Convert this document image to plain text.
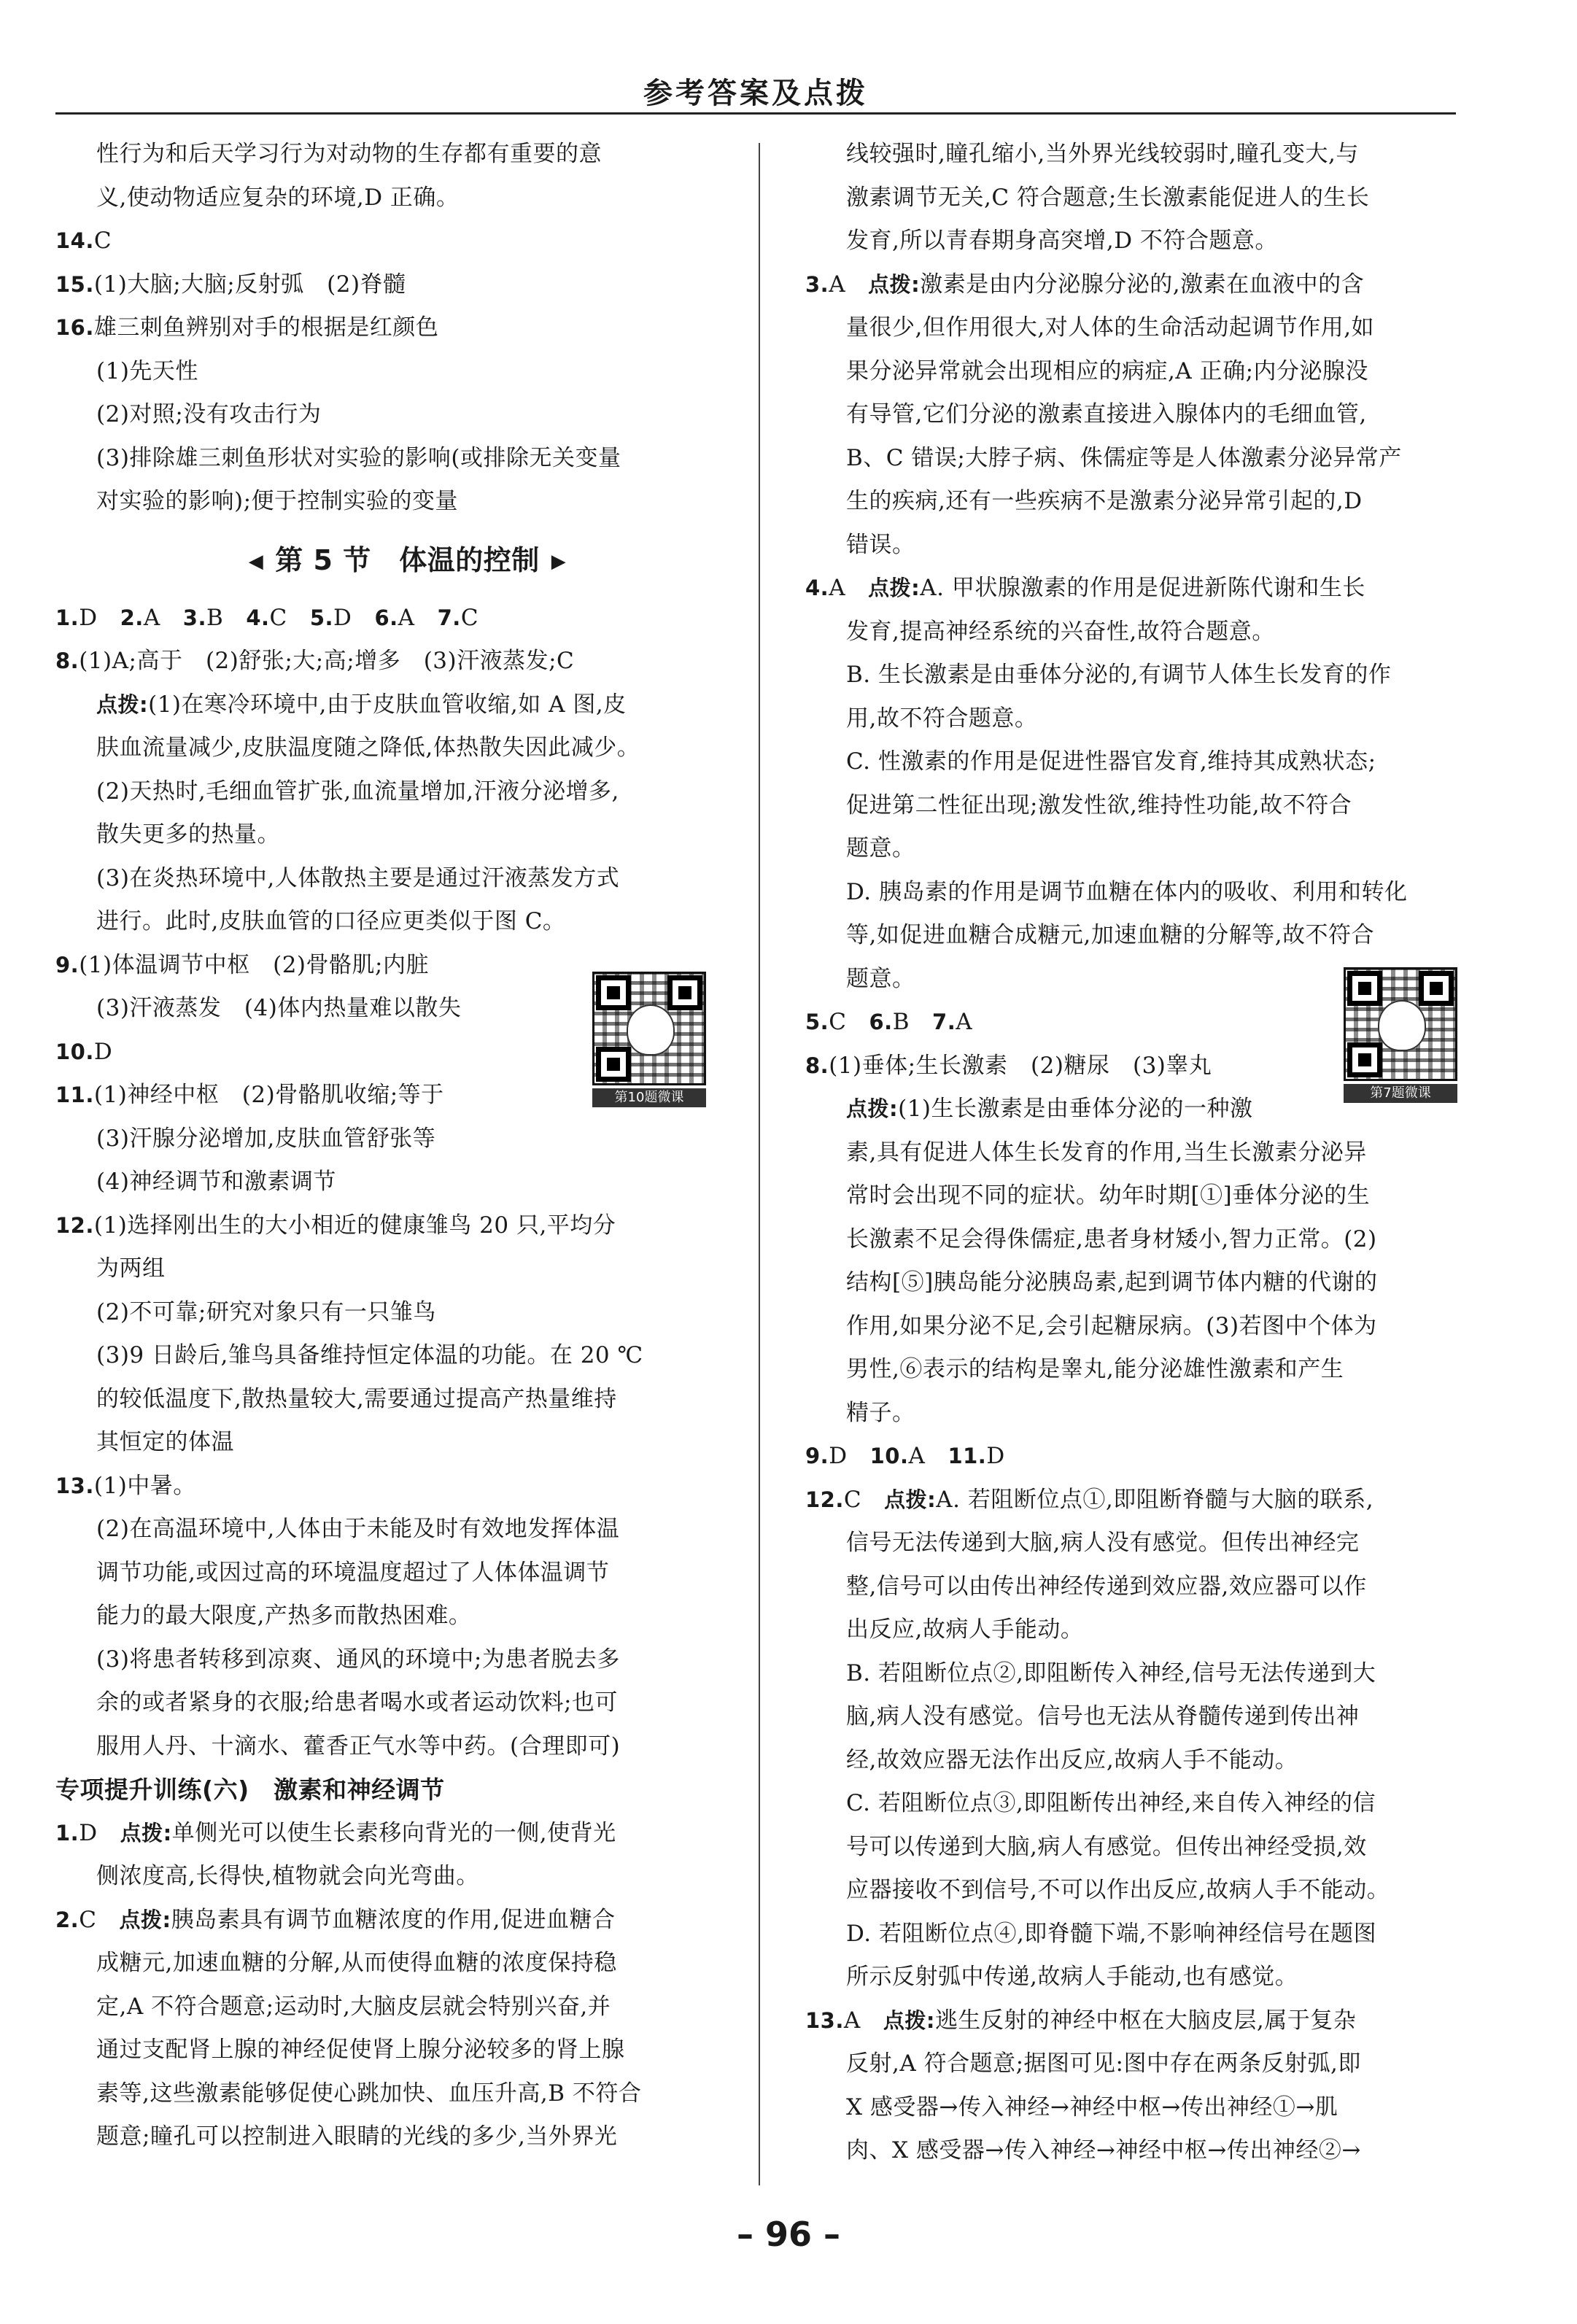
参考答案及点拨
性行为和后天学习行为对动物的生存都有重要的意
义,使动物适应复杂的环境,D 正确。
14.C
15.(1)大脑;大脑;反射弧　(2)脊髓
16.雄三刺鱼辨别对手的根据是红颜色
(1)先天性
(2)对照;没有攻击行为
(3)排除雄三刺鱼形状对实验的影响(或排除无关变量
对实验的影响);便于控制实验的变量
◀ 第 5 节　体温的控制 ▶
1.D 2.A 3.B 4.C 5.D 6.A 7.C
8.(1)A;高于　(2)舒张;大;高;增多　(3)汗液蒸发;C
点拨:(1)在寒冷环境中,由于皮肤血管收缩,如 A 图,皮
肤血流量减少,皮肤温度随之降低,体热散失因此减少。
(2)天热时,毛细血管扩张,血流量增加,汗液分泌增多,
散失更多的热量。
(3)在炎热环境中,人体散热主要是通过汗液蒸发方式
进行。此时,皮肤血管的口径应更类似于图 C。
9.(1)体温调节中枢　(2)骨骼肌;内脏
(3)汗液蒸发　(4)体内热量难以散失
10.D
11.(1)神经中枢　(2)骨骼肌收缩;等于
(3)汗腺分泌增加,皮肤血管舒张等
(4)神经调节和激素调节
12.(1)选择刚出生的大小相近的健康雏鸟 20 只,平均分
为两组
(2)不可靠;研究对象只有一只雏鸟
(3)9 日龄后,雏鸟具备维持恒定体温的功能。在 20 ℃
的较低温度下,散热量较大,需要通过提高产热量维持
其恒定的体温
13.(1)中暑。
(2)在高温环境中,人体由于未能及时有效地发挥体温
调节功能,或因过高的环境温度超过了人体体温调节
能力的最大限度,产热多而散热困难。
(3)将患者转移到凉爽、通风的环境中;为患者脱去多
余的或者紧身的衣服;给患者喝水或者运动饮料;也可
服用人丹、十滴水、藿香正气水等中药。(合理即可)
专项提升训练(六)　激素和神经调节
1.D 点拨:单侧光可以使生长素移向背光的一侧,使背光
侧浓度高,长得快,植物就会向光弯曲。
2.C 点拨:胰岛素具有调节血糖浓度的作用,促进血糖合
成糖元,加速血糖的分解,从而使得血糖的浓度保持稳
定,A 不符合题意;运动时,大脑皮层就会特别兴奋,并
通过支配肾上腺的神经促使肾上腺分泌较多的肾上腺
素等,这些激素能够促使心跳加快、血压升高,B 不符合
题意;瞳孔可以控制进入眼睛的光线的多少,当外界光
第10题微课
线较强时,瞳孔缩小,当外界光线较弱时,瞳孔变大,与
激素调节无关,C 符合题意;生长激素能促进人的生长
发育,所以青春期身高突增,D 不符合题意。
3.A 点拨:激素是由内分泌腺分泌的,激素在血液中的含
量很少,但作用很大,对人体的生命活动起调节作用,如
果分泌异常就会出现相应的病症,A 正确;内分泌腺没
有导管,它们分泌的激素直接进入腺体内的毛细血管,
B、C 错误;大脖子病、侏儒症等是人体激素分泌异常产
生的疾病,还有一些疾病不是激素分泌异常引起的,D
错误。
4.A 点拨:A. 甲状腺激素的作用是促进新陈代谢和生长
发育,提高神经系统的兴奋性,故符合题意。
B. 生长激素是由垂体分泌的,有调节人体生长发育的作
用,故不符合题意。
C. 性激素的作用是促进性器官发育,维持其成熟状态;
促进第二性征出现;激发性欲,维持性功能,故不符合
题意。
D. 胰岛素的作用是调节血糖在体内的吸收、利用和转化
等,如促进血糖合成糖元,加速血糖的分解等,故不符合
题意。
5.C 6.B 7.A
8.(1)垂体;生长激素　(2)糖尿　(3)睾丸
点拨:(1)生长激素是由垂体分泌的一种激
素,具有促进人体生长发育的作用,当生长激素分泌异
常时会出现不同的症状。幼年时期[①]垂体分泌的生
长激素不足会得侏儒症,患者身材矮小,智力正常。(2)
结构[⑤]胰岛能分泌胰岛素,起到调节体内糖的代谢的
作用,如果分泌不足,会引起糖尿病。(3)若图中个体为
男性,⑥表示的结构是睾丸,能分泌雄性激素和产生
精子。
9.D 10.A 11.D
12.C 点拨:A. 若阻断位点①,即阻断脊髓与大脑的联系,
信号无法传递到大脑,病人没有感觉。但传出神经完
整,信号可以由传出神经传递到效应器,效应器可以作
出反应,故病人手能动。
B. 若阻断位点②,即阻断传入神经,信号无法传递到大
脑,病人没有感觉。信号也无法从脊髓传递到传出神
经,故效应器无法作出反应,故病人手不能动。
C. 若阻断位点③,即阻断传出神经,来自传入神经的信
号可以传递到大脑,病人有感觉。但传出神经受损,效
应器接收不到信号,不可以作出反应,故病人手不能动。
D. 若阻断位点④,即脊髓下端,不影响神经信号在题图
所示反射弧中传递,故病人手能动,也有感觉。
13.A 点拨:逃生反射的神经中枢在大脑皮层,属于复杂
反射,A 符合题意;据图可见:图中存在两条反射弧,即
X 感受器→传入神经→神经中枢→传出神经①→肌
肉、X 感受器→传入神经→神经中枢→传出神经②→
第7题微课
– 96 –
